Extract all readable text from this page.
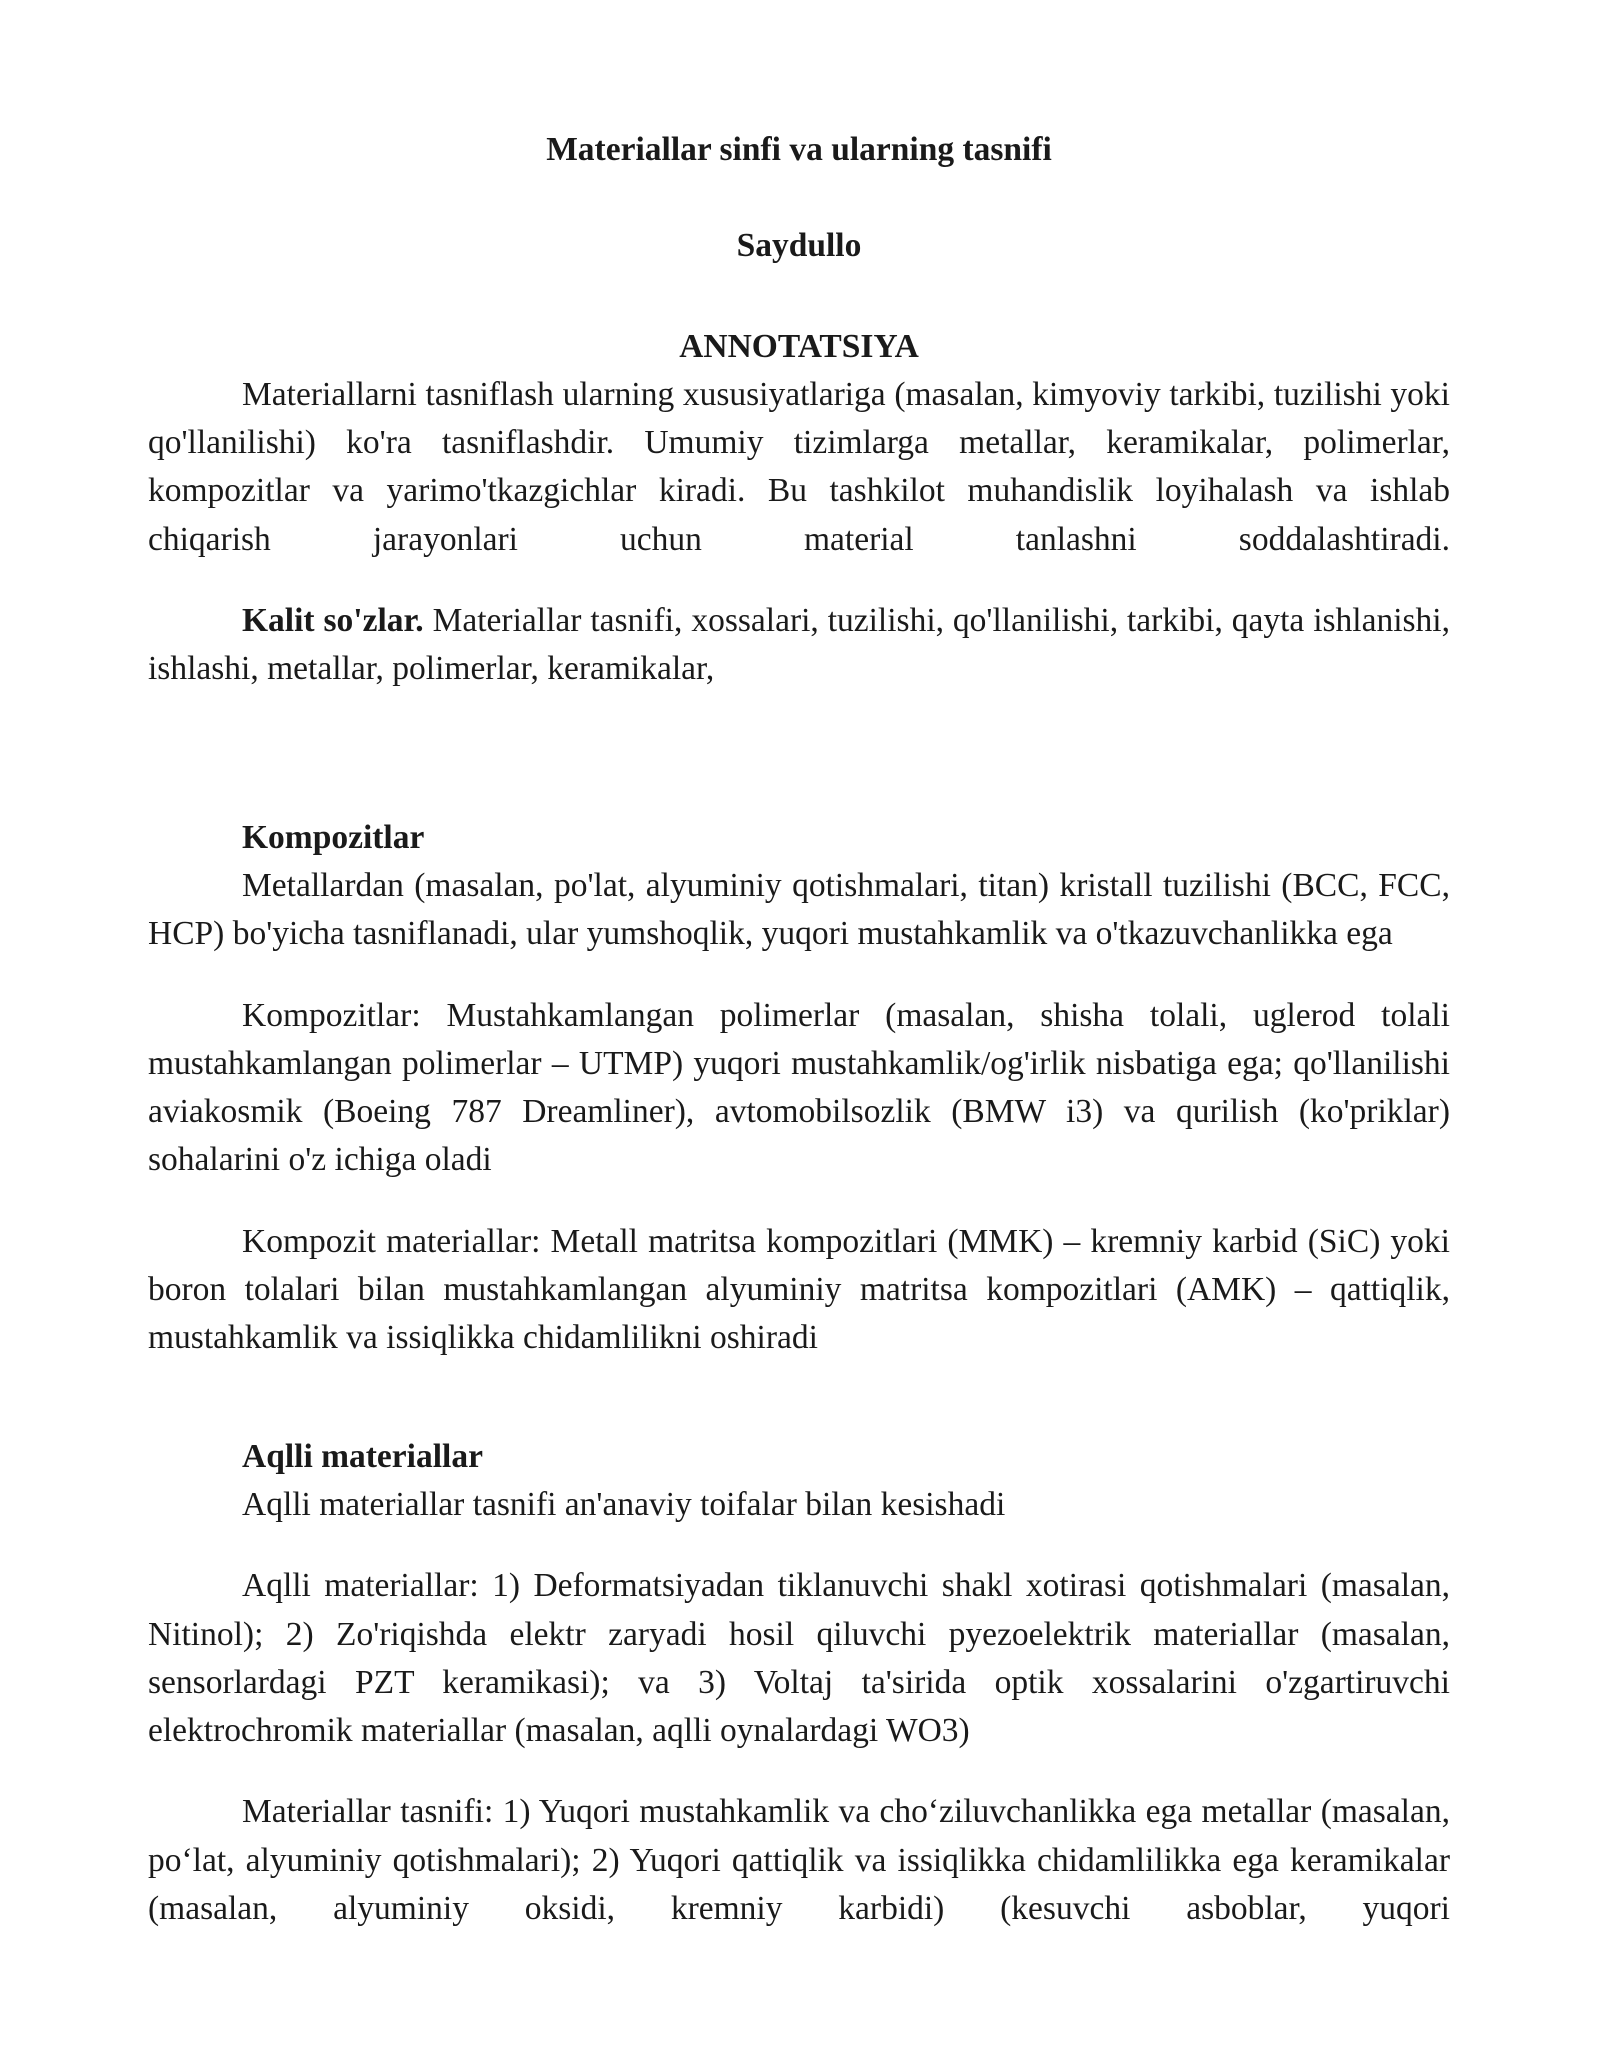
Materiallar sinfi va ularning tasnifi
Saydullo
ANNOTATSIYA

Materiallarni tasniflash ularning xususiyatlariga (masalan, kimyoviy tarkibi, tuzilishi yoki qo'llanilishi) ko'ra tasniflashdir. Umumiy tizimlarga metallar, keramikalar, polimerlar, kompozitlar va yarimo'tkazgichlar kiradi. Bu tashkilot muhandislik loyihalash va ishlab chiqarish jarayonlari uchun material tanlashni soddalashtiradi.

Kalit so'zlar. Materiallar tasnifi, xossalari, tuzilishi, qo'llanilishi, tarkibi, qayta ishlanishi, ishlashi, metallar, polimerlar, keramikalar,

Kompozitlar

Metallardan (masalan, po'lat, alyuminiy qotishmalari, titan) kristall tuzilishi (BCC, FCC, HCP) bo'yicha tasniflanadi, ular yumshoqlik, yuqori mustahkamlik va o'tkazuvchanlikka ega

Kompozitlar: Mustahkamlangan polimerlar (masalan, shisha tolali, uglerod tolali mustahkamlangan polimerlar – UTMP) yuqori mustahkamlik/og'irlik nisbatiga ega; qo'llanilishi aviakosmik (Boeing 787 Dreamliner), avtomobilsozlik (BMW i3) va qurilish (ko'priklar) sohalarini o'z ichiga oladi

Kompozit materiallar: Metall matritsa kompozitlari (MMK) – kremniy karbid (SiC) yoki boron tolalari bilan mustahkamlangan alyuminiy matritsa kompozitlari (AMK) – qattiqlik, mustahkamlik va issiqlikka chidamlilikni oshiradi

Aqlli materiallar
Aqlli materiallar tasnifi an'anaviy toifalar bilan kesishadi

Aqlli materiallar: 1) Deformatsiyadan tiklanuvchi shakl xotirasi qotishmalari (masalan, Nitinol); 2) Zo'riqishda elektr zaryadi hosil qiluvchi pyezoelektrik materiallar (masalan, sensorlardagi PZT keramikasi); va 3) Voltaj ta'sirida optik xossalarini o'zgartiruvchi elektrochromik materiallar (masalan, aqlli oynalardagi WO3)

Materiallar tasnifi: 1) Yuqori mustahkamlik va cho‘ziluvchanlikka ega metallar (masalan, po‘lat, alyuminiy qotishmalari); 2) Yuqori qattiqlik va issiqlikka chidamlilikka ega keramikalar (masalan, alyuminiy oksidi, kremniy karbidi) (kesuvchi asboblar, yuqori
